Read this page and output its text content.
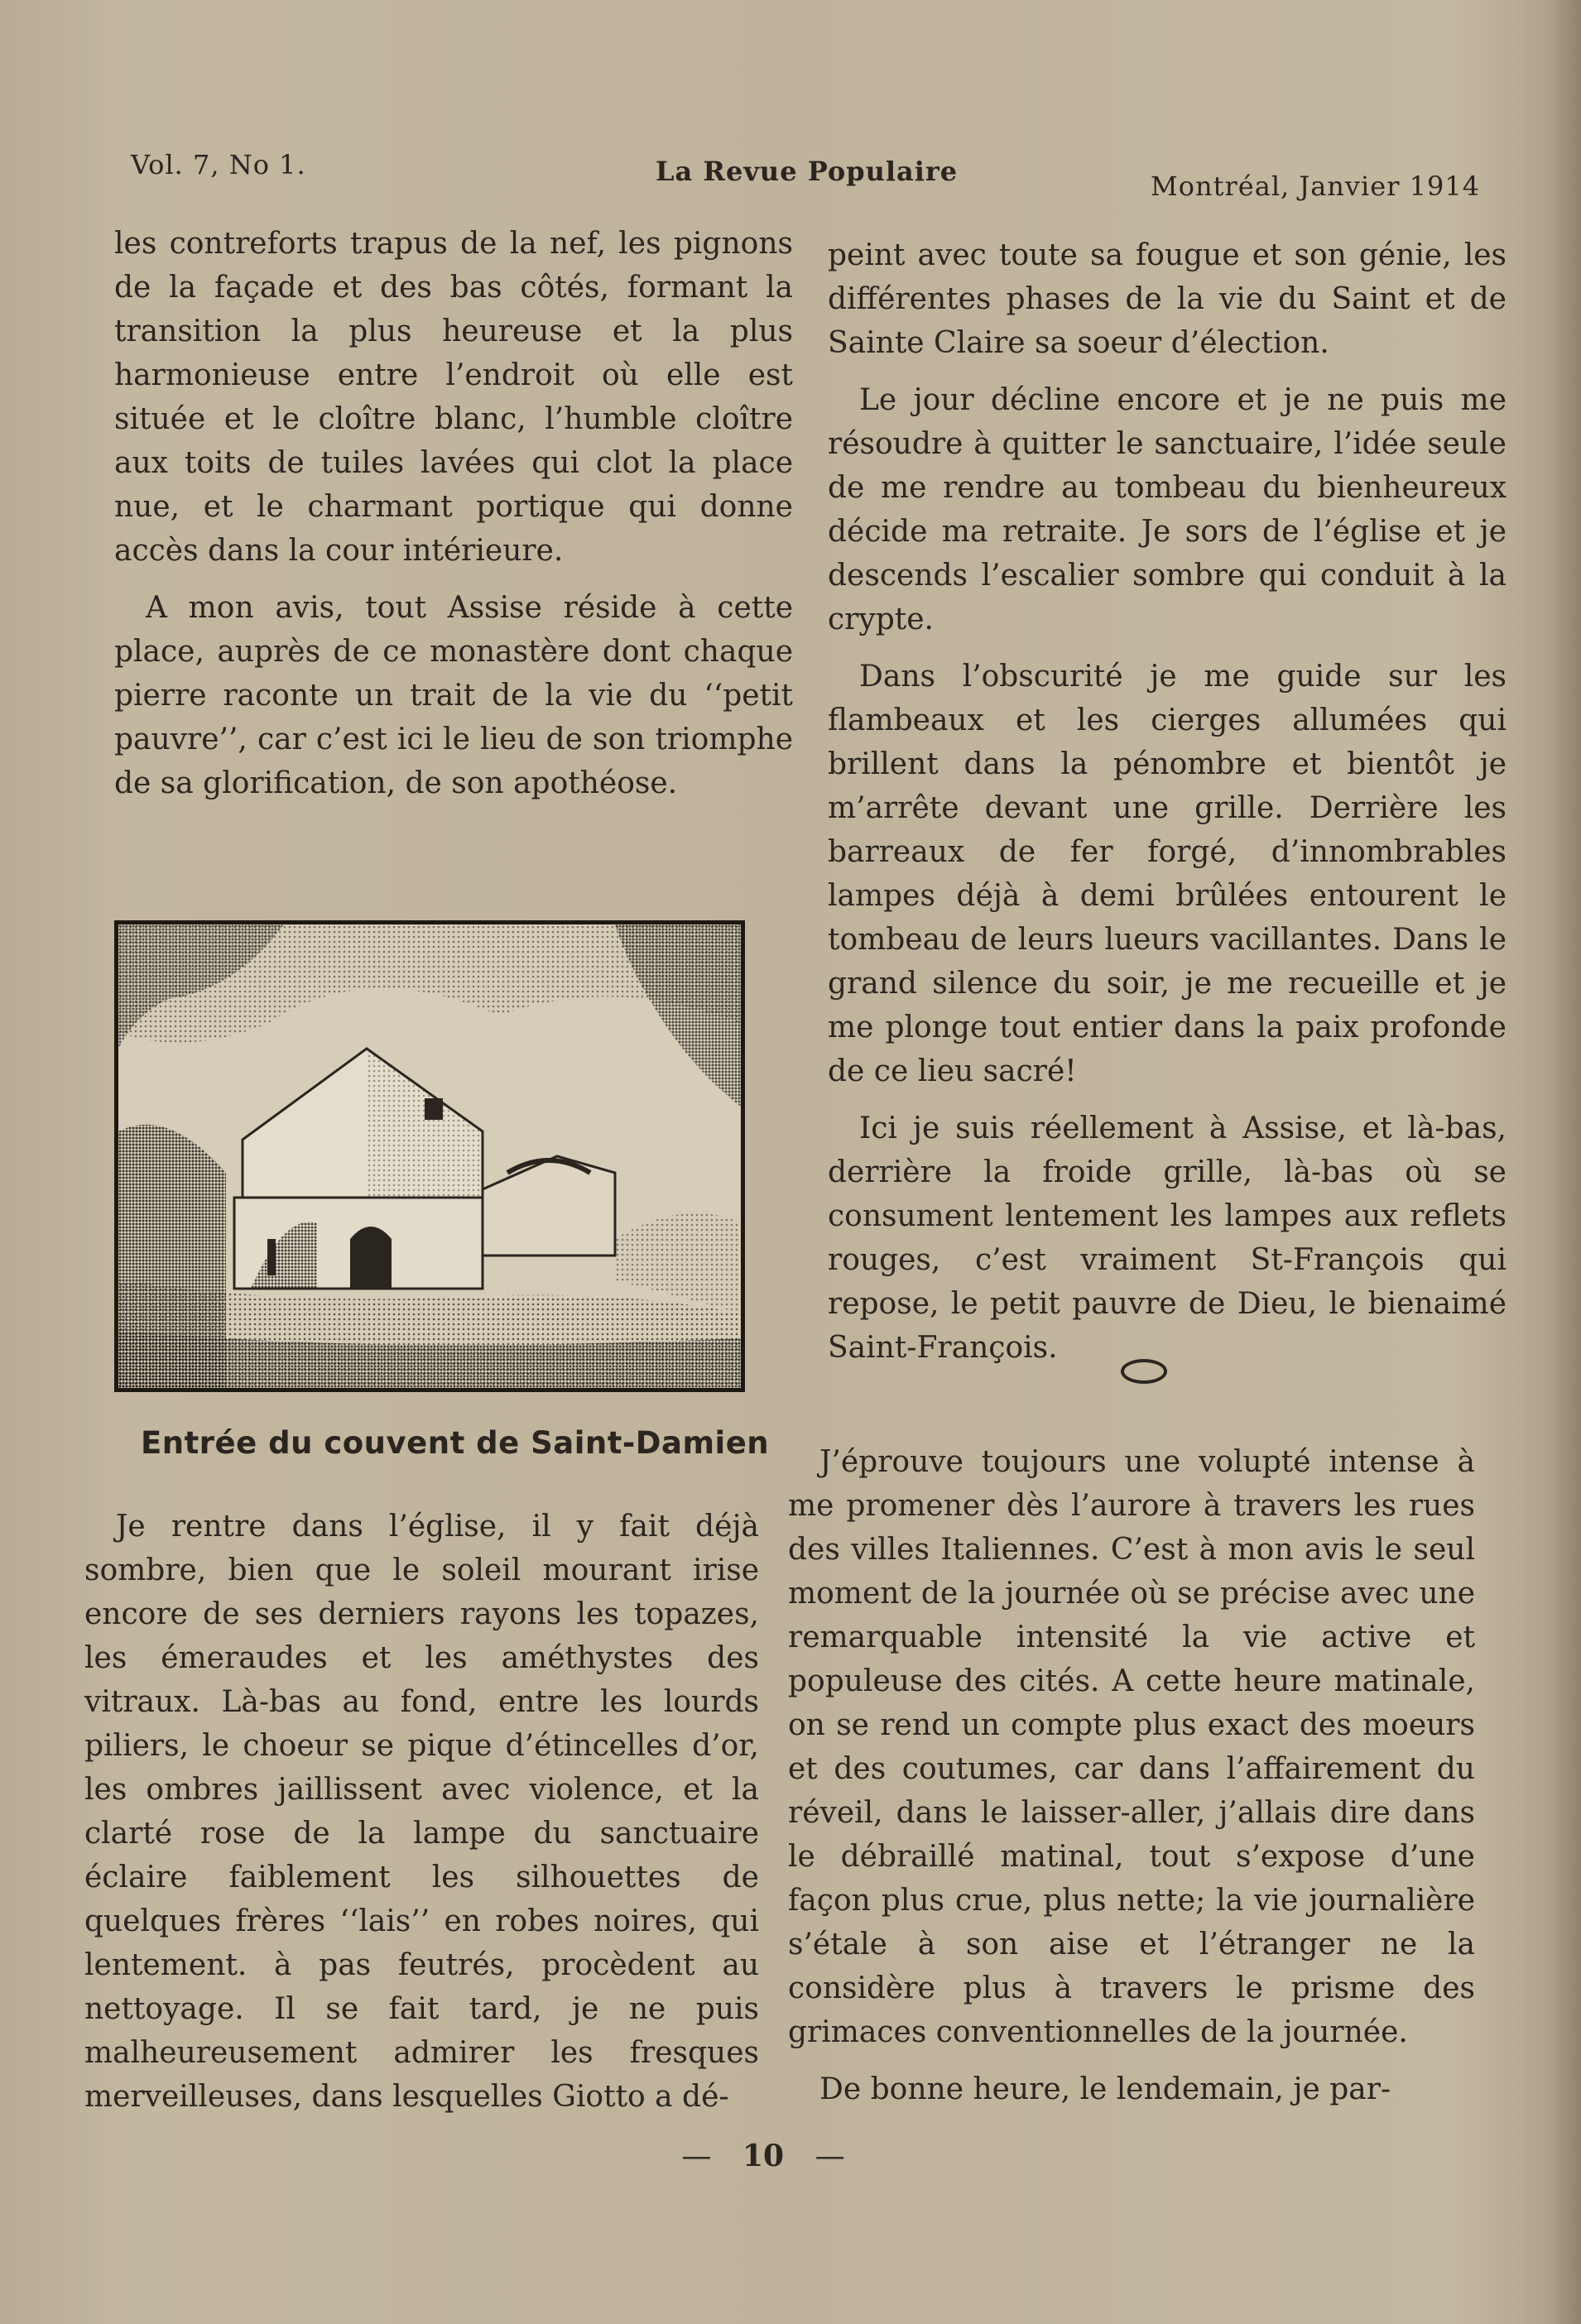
Vol. 7, No 1.	La Revue Populaire	Montréal, Janvier 1914

les contreforts trapus de la nef, les pignons de la façade et des bas côtés, formant la transition la plus heureuse et la plus harmonieuse entre l’endroit où elle est située et le cloître blanc, l’humble cloître aux toits de tuiles lavées qui clot la place nue, et le charmant portique qui donne accès dans la cour intérieure.

A mon avis, tout Assise réside à cette place, auprès de ce monastère dont chaque pierre raconte un trait de la vie du ‘‘petit pauvre’’, car c’est ici le lieu de son triomphe de sa glorification, de son apothéose.

Entrée du couvent de Saint-Damien

Je rentre dans l’église, il y fait déjà sombre, bien que le soleil mourant irise encore de ses derniers rayons les topazes, les émeraudes et les améthystes des vitraux. Là-bas au fond, entre les lourds piliers, le choeur se pique d’étincelles d’or, les ombres jaillissent avec violence, et la clarté rose de la lampe du sanctuaire éclaire faiblement les silhouettes de quelques frères ‘‘lais’’ en robes noires, qui lentement. à pas feutrés, procèdent au nettoyage. Il se fait tard, je ne puis malheureusement admirer les fresques merveilleuses, dans lesquelles Giotto a dé-

peint avec toute sa fougue et son génie, les différentes phases de la vie du Saint et de Sainte Claire sa soeur d’élection.

Le jour décline encore et je ne puis me résoudre à quitter le sanctuaire, l’idée seule de me rendre au tombeau du bienheureux décide ma retraite. Je sors de l’église et je descends l’escalier sombre qui conduit à la crypte.

Dans l’obscurité je me guide sur les flambeaux et les cierges allumées qui brillent dans la pénombre et bientôt je m’arrête devant une grille. Derrière les barreaux de fer forgé, d’innombrables lampes déjà à demi brûlées entourent le tombeau de leurs lueurs vacillantes. Dans le grand silence du soir, je me recueille et je me plonge tout entier dans la paix profonde de ce lieu sacré!

Ici je suis réellement à Assise, et là-bas, derrière la froide grille, là-bas où se consument lentement les lampes aux reflets rouges, c’est vraiment St-François qui repose, le petit pauvre de Dieu, le bienaimé Saint-François.

J’éprouve toujours une volupté intense à me promener dès l’aurore à travers les rues des villes Italiennes. C’est à mon avis le seul moment de la journée où se précise avec une remarquable intensité la vie active et populeuse des cités. A cette heure matinale, on se rend un compte plus exact des moeurs et des coutumes, car dans l’affairement du réveil, dans le laisser-aller, j’allais dire dans le débraillé matinal, tout s’expose d’une façon plus crue, plus nette; la vie journalière s’étale à son aise et l’étranger ne la considère plus à travers le prisme des grimaces conventionnelles de la journée.

De bonne heure, le lendemain, je par-

— 10 —
